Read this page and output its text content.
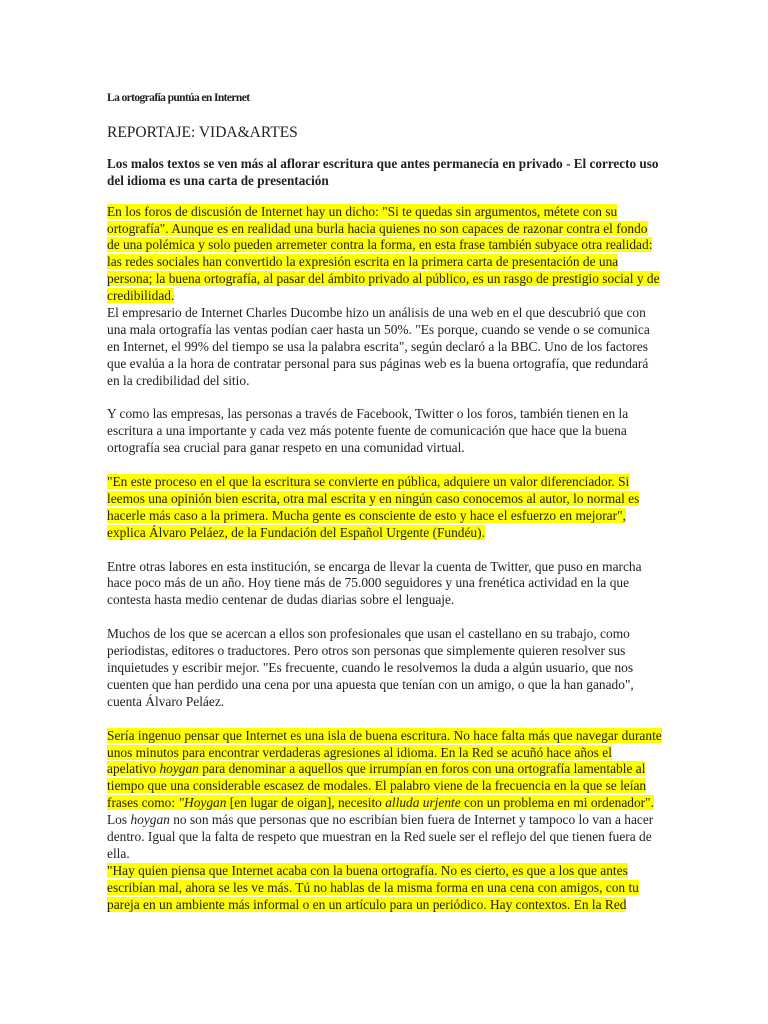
La ortografía puntúa en Internet

REPORTAJE: VIDA&ARTES

Los malos textos se ven más al aflorar escritura que antes permanecía en privado - El correcto uso del idioma es una carta de presentación

En los foros de discusión de Internet hay un dicho: "Si te quedas sin argumentos, métete con su ortografía". Aunque es en realidad una burla hacia quienes no son capaces de razonar contra el fondo de una polémica y solo pueden arremeter contra la forma, en esta frase también subyace otra realidad: las redes sociales han convertido la expresión escrita en la primera carta de presentación de una persona; la buena ortografía, al pasar del ámbito privado al público, es un rasgo de prestigio social y de credibilidad.

El empresario de Internet Charles Ducombe hizo un análisis de una web en el que descubrió que con una mala ortografía las ventas podían caer hasta un 50%. "Es porque, cuando se vende o se comunica en Internet, el 99% del tiempo se usa la palabra escrita", según declaró a la BBC. Uno de los factores que evalúa a la hora de contratar personal para sus páginas web es la buena ortografía, que redundará en la credibilidad del sitio.

Y como las empresas, las personas a través de Facebook, Twitter o los foros, también tienen en la escritura a una importante y cada vez más potente fuente de comunicación que hace que la buena ortografía sea crucial para ganar respeto en una comunidad virtual.

"En este proceso en el que la escritura se convierte en pública, adquiere un valor diferenciador. Si leemos una opinión bien escrita, otra mal escrita y en ningún caso conocemos al autor, lo normal es hacerle más caso a la primera. Mucha gente es consciente de esto y hace el esfuerzo en mejorar", explica Álvaro Peláez, de la Fundación del Español Urgente (Fundéu).

Entre otras labores en esta institución, se encarga de llevar la cuenta de Twitter, que puso en marcha hace poco más de un año. Hoy tiene más de 75.000 seguidores y una frenética actividad en la que contesta hasta medio centenar de dudas diarias sobre el lenguaje.

Muchos de los que se acercan a ellos son profesionales que usan el castellano en su trabajo, como periodistas, editores o traductores. Pero otros son personas que simplemente quieren resolver sus inquietudes y escribir mejor. "Es frecuente, cuando le resolvemos la duda a algún usuario, que nos cuenten que han perdido una cena por una apuesta que tenían con un amigo, o que la han ganado", cuenta Álvaro Peláez.

Sería ingenuo pensar que Internet es una isla de buena escritura. No hace falta más que navegar durante unos minutos para encontrar verdaderas agresiones al idioma. En la Red se acuñó hace años el apelativo hoygan para denominar a aquellos que irrumpían en foros con una ortografía lamentable al tiempo que una considerable escasez de modales. El palabro viene de la frecuencia en la que se leían frases como: "Hoygan [en lugar de oigan], necesito alluda urjente con un problema en mi ordenador".

Los hoygan no son más que personas que no escribían bien fuera de Internet y tampoco lo van a hacer dentro. Igual que la falta de respeto que muestran en la Red suele ser el reflejo del que tienen fuera de ella.

"Hay quien piensa que Internet acaba con la buena ortografía. No es cierto, es que a los que antes escribían mal, ahora se les ve más. Tú no hablas de la misma forma en una cena con amigos, con tu pareja en un ambiente más informal o en un artículo para un periódico. Hay contextos. En la Red
